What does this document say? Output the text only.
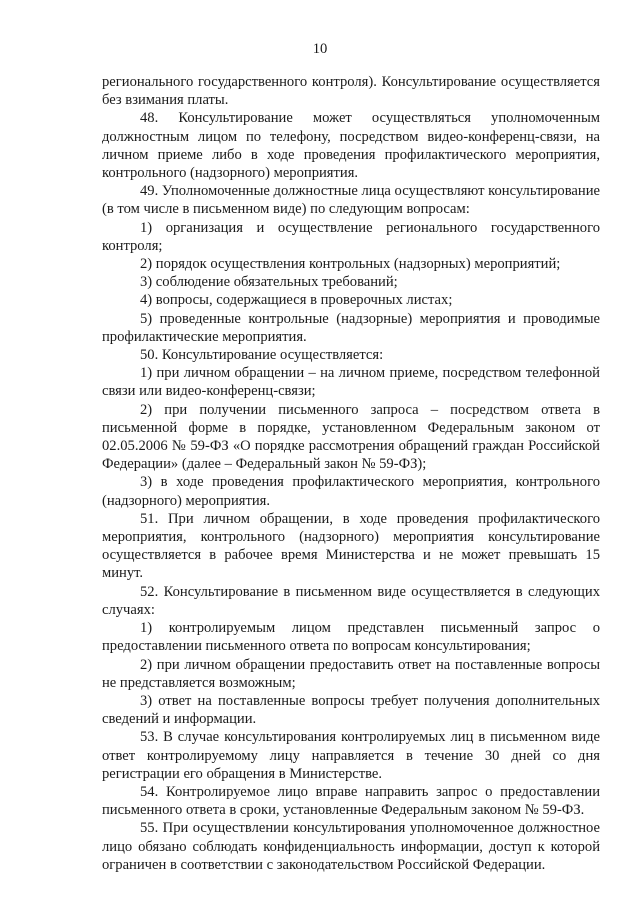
10

регионального государственного контроля). Консультирование осуществляется без взимания платы.

48. Консультирование может осуществляться уполномоченным должностным лицом по телефону, посредством видео-конференц-связи, на личном приеме либо в ходе проведения профилактического мероприятия, контрольного (надзорного) мероприятия.

49. Уполномоченные должностные лица осуществляют консультирование (в том числе в письменном виде) по следующим вопросам:

1) организация и осуществление регионального государственного контроля;

2) порядок осуществления контрольных (надзорных) мероприятий;

3) соблюдение обязательных требований;

4) вопросы, содержащиеся в проверочных листах;

5) проведенные контрольные (надзорные) мероприятия и проводимые профилактические мероприятия.

50. Консультирование осуществляется:

1) при личном обращении – на личном приеме, посредством телефонной связи или видео-конференц-связи;

2) при получении письменного запроса – посредством ответа в письменной форме в порядке, установленном Федеральным законом от 02.05.2006 № 59-ФЗ «О порядке рассмотрения обращений граждан Российской Федерации» (далее – Федеральный закон № 59-ФЗ);

3) в ходе проведения профилактического мероприятия, контрольного (надзорного) мероприятия.

51. При личном обращении, в ходе проведения профилактического мероприятия, контрольного (надзорного) мероприятия консультирование осуществляется в рабочее время Министерства и не может превышать 15 минут.

52. Консультирование в письменном виде осуществляется в следующих случаях:

1) контролируемым лицом представлен письменный запрос о предоставлении письменного ответа по вопросам консультирования;

2) при личном обращении предоставить ответ на поставленные вопросы не представляется возможным;

3) ответ на поставленные вопросы требует получения дополнительных сведений и информации.

53. В случае консультирования контролируемых лиц в письменном виде ответ контролируемому лицу направляется в течение 30 дней со дня регистрации его обращения в Министерстве.

54. Контролируемое лицо вправе направить запрос о предоставлении письменного ответа в сроки, установленные Федеральным законом № 59-ФЗ.

55. При осуществлении консультирования уполномоченное должностное лицо обязано соблюдать конфиденциальность информации, доступ к которой ограничен в соответствии с законодательством Российской Федерации.
